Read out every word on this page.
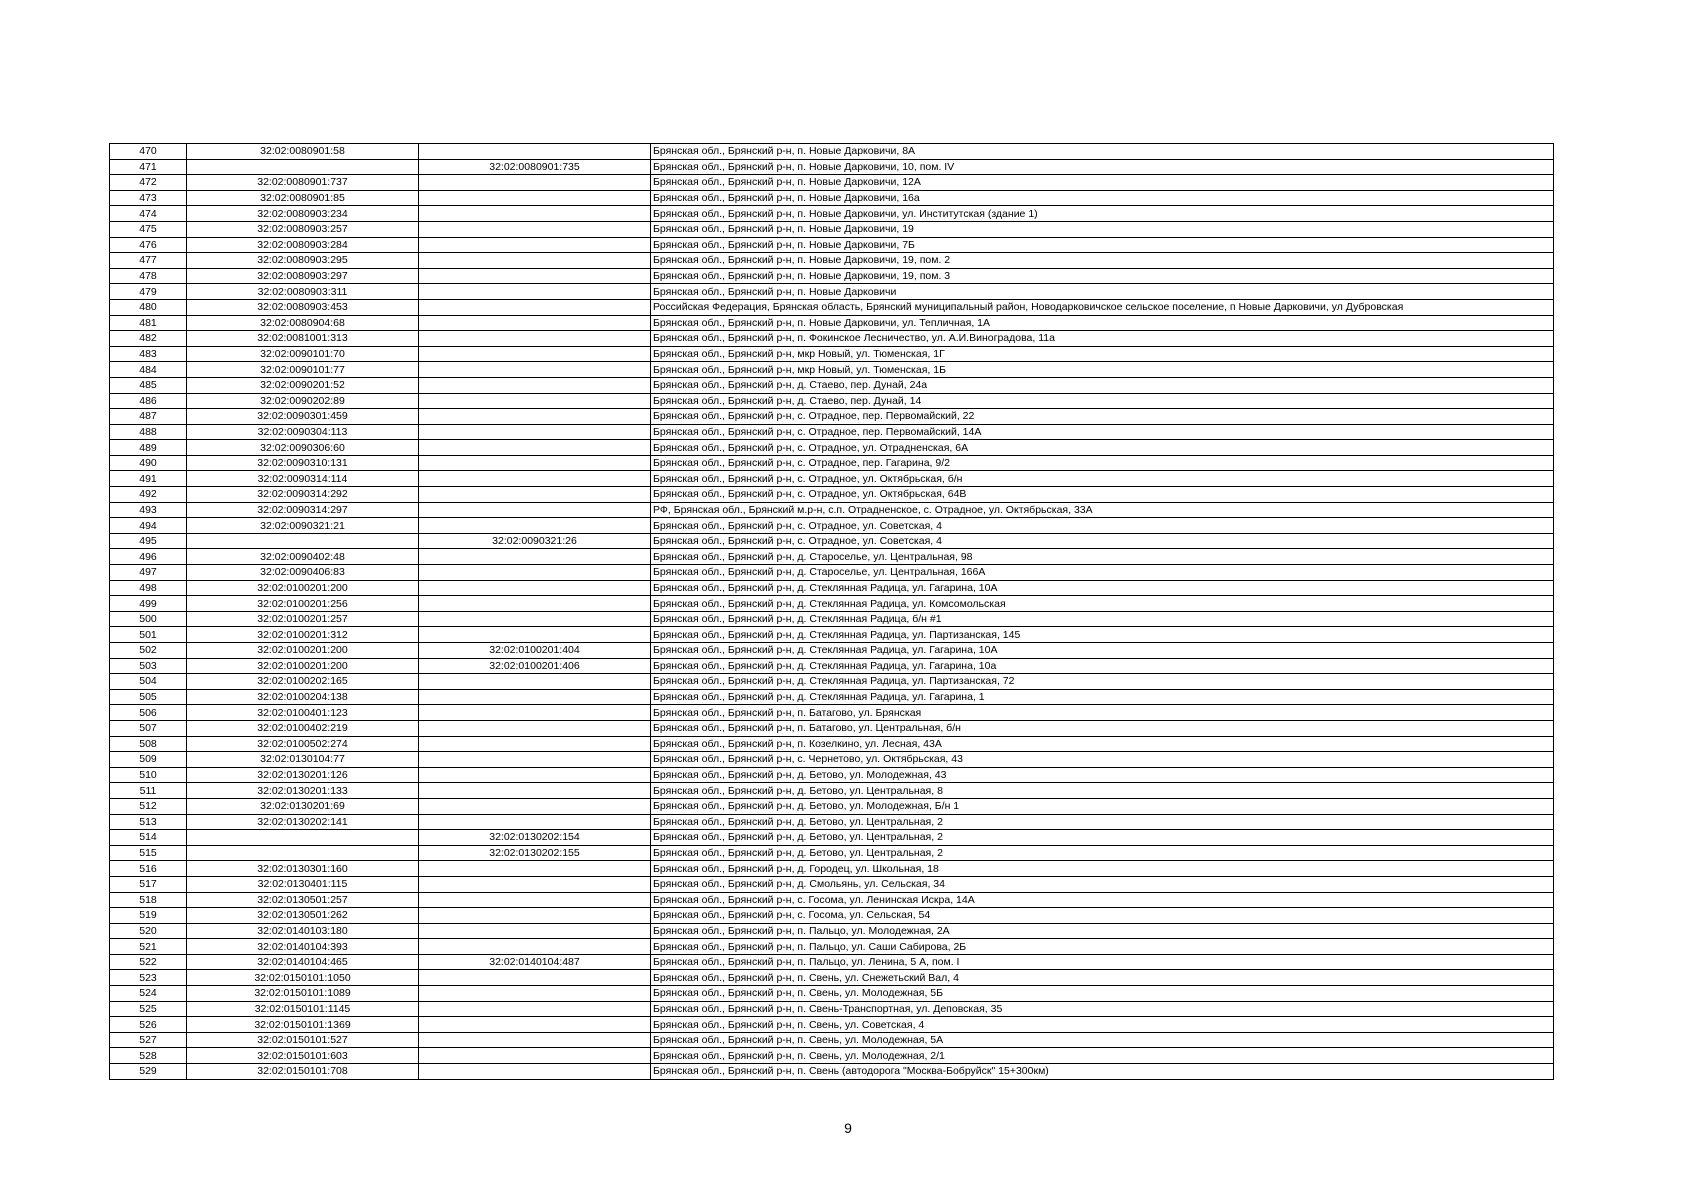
470	32:02:0080901:58		Брянская обл., Брянский р-н, п. Новые Дарковичи, 8А
471		32:02:0080901:735	Брянская обл., Брянский р-н, п. Новые Дарковичи, 10, пом. IV
472	32:02:0080901:737		Брянская обл., Брянский р-н, п. Новые Дарковичи, 12А
473	32:02:0080901:85		Брянская обл., Брянский р-н, п. Новые Дарковичи, 16а
474	32:02:0080903:234		Брянская обл., Брянский р-н, п. Новые Дарковичи, ул. Институтская (здание 1)
475	32:02:0080903:257		Брянская обл., Брянский р-н, п. Новые Дарковичи, 19
476	32:02:0080903:284		Брянская обл., Брянский р-н, п. Новые Дарковичи, 7Б
477	32:02:0080903:295		Брянская обл., Брянский р-н, п. Новые Дарковичи, 19, пом. 2
478	32:02:0080903:297		Брянская обл., Брянский р-н, п. Новые Дарковичи, 19, пом. 3
479	32:02:0080903:311		Брянская обл., Брянский р-н, п. Новые Дарковичи
480	32:02:0080903:453		Российская Федерация, Брянская область, Брянский муниципальный район, Новодарковичское сельское поселение, п Новые Дарковичи, ул Дубровская
481	32:02:0080904:68		Брянская обл., Брянский р-н, п. Новые Дарковичи, ул. Тепличная, 1А
482	32:02:0081001:313		Брянская обл., Брянский р-н, п. Фокинское Лесничество, ул. А.И.Виноградова, 11а
483	32:02:0090101:70		Брянская обл., Брянский р-н, мкр Новый, ул. Тюменская, 1Г
484	32:02:0090101:77		Брянская обл., Брянский р-н, мкр Новый, ул. Тюменская, 1Б
485	32:02:0090201:52		Брянская обл., Брянский р-н, д. Стаево, пер. Дунай, 24а
486	32:02:0090202:89		Брянская обл., Брянский р-н, д. Стаево, пер. Дунай, 14
487	32:02:0090301:459		Брянская обл., Брянский р-н, с. Отрадное, пер. Первомайский, 22
488	32:02:0090304:113		Брянская обл., Брянский р-н, с. Отрадное, пер. Первомайский, 14А
489	32:02:0090306:60		Брянская обл., Брянский р-н, с. Отрадное, ул. Отрадненская, 6А
490	32:02:0090310:131		Брянская обл., Брянский р-н, с. Отрадное, пер. Гагарина, 9/2
491	32:02:0090314:114		Брянская обл., Брянский р-н, с. Отрадное, ул. Октябрьская, б/н
492	32:02:0090314:292		Брянская обл., Брянский р-н, с. Отрадное, ул. Октябрьская, 64В
493	32:02:0090314:297		РФ, Брянская обл., Брянский м.р-н, с.п. Отрадненское, с. Отрадное, ул. Октябрьская, 33А
494	32:02:0090321:21		Брянская обл., Брянский р-н, с. Отрадное, ул. Советская, 4
495		32:02:0090321:26	Брянская обл., Брянский р-н, с. Отрадное, ул. Советская, 4
496	32:02:0090402:48		Брянская обл., Брянский р-н, д. Староселье, ул. Центральная, 98
497	32:02:0090406:83		Брянская обл., Брянский р-н, д. Староселье, ул. Центральная, 166А
498	32:02:0100201:200		Брянская обл., Брянский р-н, д. Стеклянная Радица, ул. Гагарина, 10А
499	32:02:0100201:256		Брянская обл., Брянский р-н, д. Стеклянная Радица, ул. Комсомольская
500	32:02:0100201:257		Брянская обл., Брянский р-н, д. Стеклянная Радица, б/н #1
501	32:02:0100201:312		Брянская обл., Брянский р-н, д. Стеклянная Радица, ул. Партизанская, 145
502	32:02:0100201:200	32:02:0100201:404	Брянская обл., Брянский р-н, д. Стеклянная Радица, ул. Гагарина, 10А
503	32:02:0100201:200	32:02:0100201:406	Брянская обл., Брянский р-н, д. Стеклянная Радица, ул. Гагарина, 10а
504	32:02:0100202:165		Брянская обл., Брянский р-н, д. Стеклянная Радица, ул. Партизанская, 72
505	32:02:0100204:138		Брянская обл., Брянский р-н, д. Стеклянная Радица, ул. Гагарина, 1
506	32:02:0100401:123		Брянская обл., Брянский р-н, п. Батагово, ул. Брянская
507	32:02:0100402:219		Брянская обл., Брянский р-н, п. Батагово, ул. Центральная, б/н
508	32:02:0100502:274		Брянская обл., Брянский р-н, п. Козелкино, ул. Лесная, 43А
509	32:02:0130104:77		Брянская обл., Брянский р-н, с. Чернетово, ул. Октябрьская, 43
510	32:02:0130201:126		Брянская обл., Брянский р-н, д. Бетово, ул. Молодежная, 43
511	32:02:0130201:133		Брянская обл., Брянский р-н, д. Бетово, ул. Центральная, 8
512	32:02:0130201:69		Брянская обл., Брянский р-н, д. Бетово, ул. Молодежная, Б/н 1
513	32:02:0130202:141		Брянская обл., Брянский р-н, д. Бетово, ул. Центральная, 2
514		32:02:0130202:154	Брянская обл., Брянский р-н, д. Бетово, ул. Центральная, 2
515		32:02:0130202:155	Брянская обл., Брянский р-н, д. Бетово, ул. Центральная, 2
516	32:02:0130301:160		Брянская обл., Брянский р-н, д. Городец, ул. Школьная, 18
517	32:02:0130401:115		Брянская обл., Брянский р-н, д. Смольянь, ул. Сельская, 34
518	32:02:0130501:257		Брянская обл., Брянский р-н, с. Госома, ул. Ленинская Искра, 14А
519	32:02:0130501:262		Брянская обл., Брянский р-н, с. Госома, ул. Сельская, 54
520	32:02:0140103:180		Брянская обл., Брянский р-н, п. Пальцо, ул. Молодежная, 2А
521	32:02:0140104:393		Брянская обл., Брянский р-н, п. Пальцо, ул. Саши Сабирова, 2Б
522	32:02:0140104:465	32:02:0140104:487	Брянская обл., Брянский р-н, п. Пальцо, ул. Ленина, 5 А, пом. I
523	32:02:0150101:1050		Брянская обл., Брянский р-н, п. Свень, ул. Снежетьский Вал, 4
524	32:02:0150101:1089		Брянская обл., Брянский р-н, п. Свень, ул. Молодежная, 5Б
525	32:02:0150101:1145		Брянская обл., Брянский р-н, п. Свень-Транспортная, ул. Деповская, 35
526	32:02:0150101:1369		Брянская обл., Брянский р-н, п. Свень, ул. Советская, 4
527	32:02:0150101:527		Брянская обл., Брянский р-н, п. Свень, ул. Молодежная, 5А
528	32:02:0150101:603		Брянская обл., Брянский р-н, п. Свень, ул. Молодежная, 2/1
529	32:02:0150101:708		Брянская обл., Брянский р-н, п. Свень (автодорога "Москва-Бобруйск" 15+300км)
9
